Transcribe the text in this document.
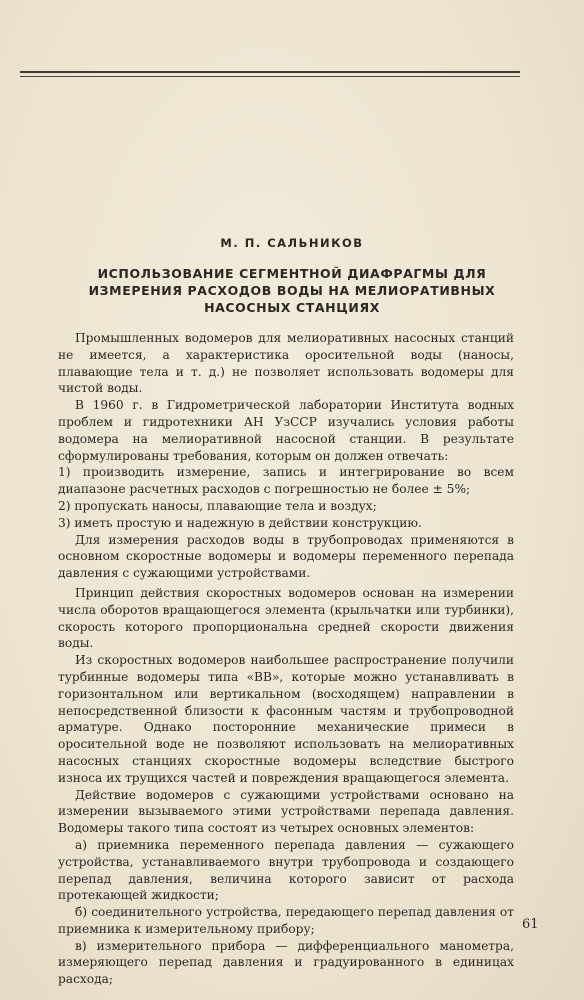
М. П. САЛЬНИКОВ
ИСПОЛЬЗОВАНИЕ СЕГМЕНТНОЙ ДИАФРАГМЫ ДЛЯ
ИЗМЕРЕНИЯ РАСХОДОВ ВОДЫ НА МЕЛИОРАТИВНЫХ
НАСОСНЫХ СТАНЦИЯХ

Промышленных водомеров для мелиоративных насосных станций не имеется, а характеристика оросительной воды (наносы, плавающие тела и т. д.) не позволяет использовать водомеры для чистой воды.

В 1960 г. в Гидрометрической лаборатории Института водных проблем и гидротехники АН УзССР изучались условия работы водомера на мелиоративной насосной станции. В результате сформулированы требования, которым он должен отвечать:

1) производить измерение, запись и интегрирование во всем диапазоне расчетных расходов с погрешностью не более ± 5%;

2) пропускать наносы, плавающие тела и воздух;

3) иметь простую и надежную в действии конструкцию.

Для измерения расходов воды в трубопроводах применяются в основном скоростные водомеры и водомеры переменного перепада давления с сужающими устройствами.

Принцип действия скоростных водомеров основан на измерении числа оборотов вращающегося элемента (крыльчатки или турбинки), скорость которого пропорциональна средней скорости движения воды.

Из скоростных водомеров наибольшее распространение получили турбинные водомеры типа «ВВ», которые можно устанавливать в горизонтальном или вертикальном (восходящем) направлении в непосредственной близости к фасонным частям и трубопроводной арматуре. Однако посторонние механические примеси в оросительной воде не позволяют использовать на мелиоративных насосных станциях скоростные водомеры вследствие быстрого износа их трущихся частей и повреждения вращающегося элемента.

Действие водомеров с сужающими устройствами основано на измерении вызываемого этими устройствами перепада давления. Водомеры такого типа состоят из четырех основных элементов:

а) приемника переменного перепада давления — сужающего устройства, устанавливаемого внутри трубопровода и создающего перепад давления, величина которого зависит от расхода протекающей жидкости;

б) соединительного устройства, передающего перепад давления от приемника к измерительному прибору;

в) измерительного прибора — дифференциального манометра, измеряющего перепад давления и градуированного в единицах расхода;

61
